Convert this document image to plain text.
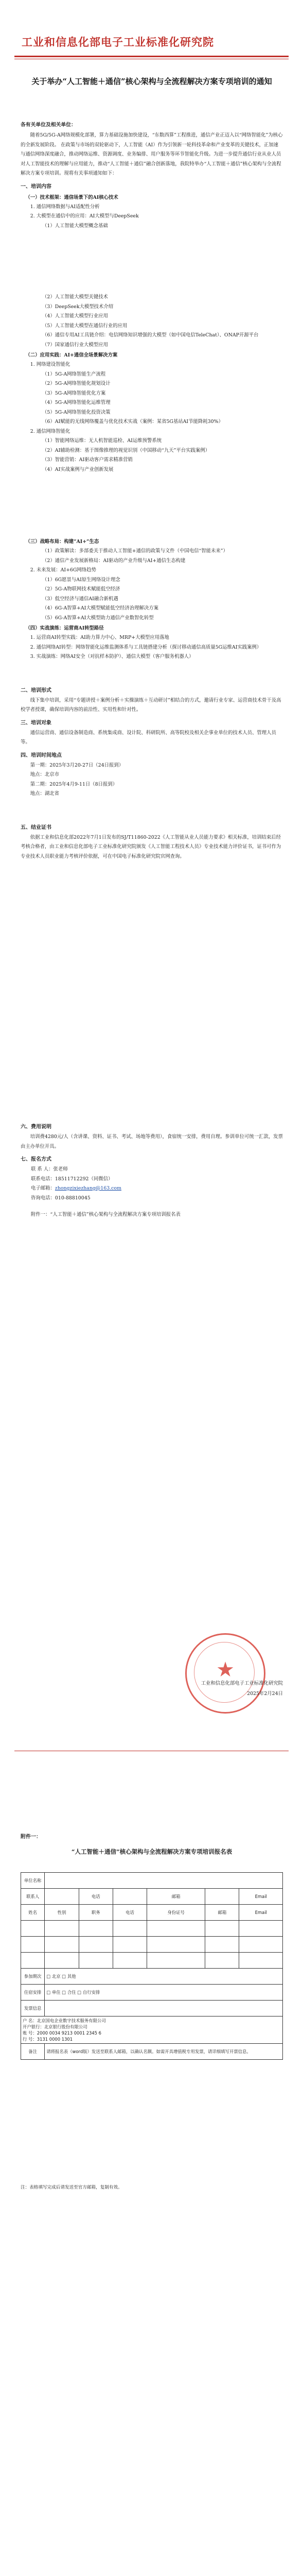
工业和信息化部电子工业标准化研究院
关于举办“人工智能＋通信”核心架构与全流程解决方案专项培训的通知

各有关单位及相关单位：

随着5G/5G-A网络规模化部署，算力基础设施加快建设，“东数西算”工程推进，通信产业正迈入以“网络智能化”为核心的全新发展阶段。 在政策与市场的双轮驱动下，人工智能（AI）作为引领新一轮科技革命和产业变革的关键技术，正加速与通信网络深度融合，推动网络运维、资源调度、业务编排、用户服务等环节智能化升级。为进一步提升通信行业从业人员对人工智能技术的理解与应用能力，推动“人工智能＋通信”融合创新落地，我院特举办“人工智能＋通信”核心架构与全流程解决方案专项培训。现将有关事项通知如下：

一、培训内容

（一）技术框架：通信场景下的AI核心技术

1. 通信网络数据与AI适配性分析

2. 大模型在通信中的应用：AI大模型与DeepSeek

（1）人工智能大模型概念基础

（2）人工智能大模型关键技术

（3）DeepSeek大模型技术介绍

（4）人工智能大模型行业应用

（5）人工智能大模型在通信行业的应用

（6）通信专用AI工具链介绍：电信网络知识增强的大模型（如中国电信TeleChat）、ONAP开源平台

（7）国家通信行业大模型应用

（二）应用实践：AI+通信全场景解决方案

1. 网络建设智能化

（1）5G-A网络智能生产流程

（2）5G-A网络智能化规划设计

（3）5G-A网络智能优化方案

（4）5G-A网络智能化运维管理

（5）5G-A网络智能化投资决策

（6）AI赋能的无线网络覆盖与优化技术实战（案例：某省5G基站AI节能降耗30%）

2. 通信网络智能化

（1）智能网络运维：无人机智能巡检、AI运维预警系统

（2）AI辅助检测：基于图像推理的视觉识别（中国移动“九天”平台实践案例）

（3）智能营销：AI驱动客户需求精准营销

（4）AI实战案例与产业创新发展

（三）战略布局：构建“AI+”生态

（1）政策解读：多部委关于推动人工智能+通信的政策与文件（中国电信“智能未来”）

（2）通信产业发展新格局：AI驱动的产业升级与AI+通信生态构建

2. 未来发展：AI+6G网络趋势

（1）6G愿景与AI原生网络设计理念

（2）5G-A物联网技术赋能低空经济

（3）低空经济与通信AI融合新机遇

（4）6G-A智算+AI大模型赋能低空经济治理解决方案

（5）6G-A智算+AI大模型助力通信产业数智化转型

（四）实战演练：运营商AI转型路径

1. 运营商AI转型实践：AI助力算力中心、MRP+大模型应用落地

2. 通信网络AI转型：网络智能化运维监测体系与工具链搭建分析（探讨移动通信高质量5G运维AI实践案例）

3. 实战演练：网络AI安全（对抗样本防护）、通信大模型（客户服务机器人）

二、培训形式

线下集中培训，采用“专题讲授＋案例分析＋实操演练＋互动研讨”相结合的方式，邀请行业专家、运营商技术骨干及高校学者授课，确保培训内容的前沿性、实用性和针对性。

三、培训对象

通信运营商、通信设备制造商、系统集成商、设计院、科研院所、高等院校及相关企事业单位的技术人员、管理人员等。

四、培训时间地点

第一期：2025年3月20-27日（24日报到）

地点：北京市

第二期：2025年4月9-11日（8日报到）

地点：湖北省

五、结业证书

依据工业和信息化部2022年7月1日发布的SJ/T11860-2022《人工智能从业人员能力要求》相关标准，培训结束后经考核合格者，由工业和信息化部电子工业标准化研究院颁发《人工智能工程技术人员》专业技术能力评价证书，证书可作为专业技术人员职业能力考核评价依据，可在中国电子标准化研究院官网查询。

六、费用说明

培训费4280元/人（含讲课、资料、证书、考试、场地等费用），食宿统一安排，费用自理。参训单位可统一汇款，发票由主办单位开具。

七、报名方式

联 系 人：张老师

联系电话：18511712292（同微信）

电子邮箱：zhongzixiezhang@163.com

咨询电话：010-88810045

附件一：“人工智能＋通信”核心架构与全流程解决方案专项培训报名表

★
工业和信息化部电子工业标准化研究院
2025年2月24日
附件一：
“人工智能＋通信”核心架构与全流程解决方案专项培训报名表
单位名称						
联系人		电话		邮箱		Email
姓名	性别	职务	电话	身份证号	邮箱	Email

参加期次	□ 北京 □ 其他					
住宿安排	□ 单住 □ 合住 □ 自行安排					
发票信息						

户 名：北京国电企业数字技术服务有限公司
开户银行：北京银行股份有限公司
账 号：2000 0034 9213 0001 2345 6
行 号：3131 0000 1301						

备注	请将报名表（word版）发送至联系人邮箱，以确认名额。如需开具增值税专用发票，请详细填写开票信息。					
注：表格填写完成后请发送至官方邮箱，复制有效。
